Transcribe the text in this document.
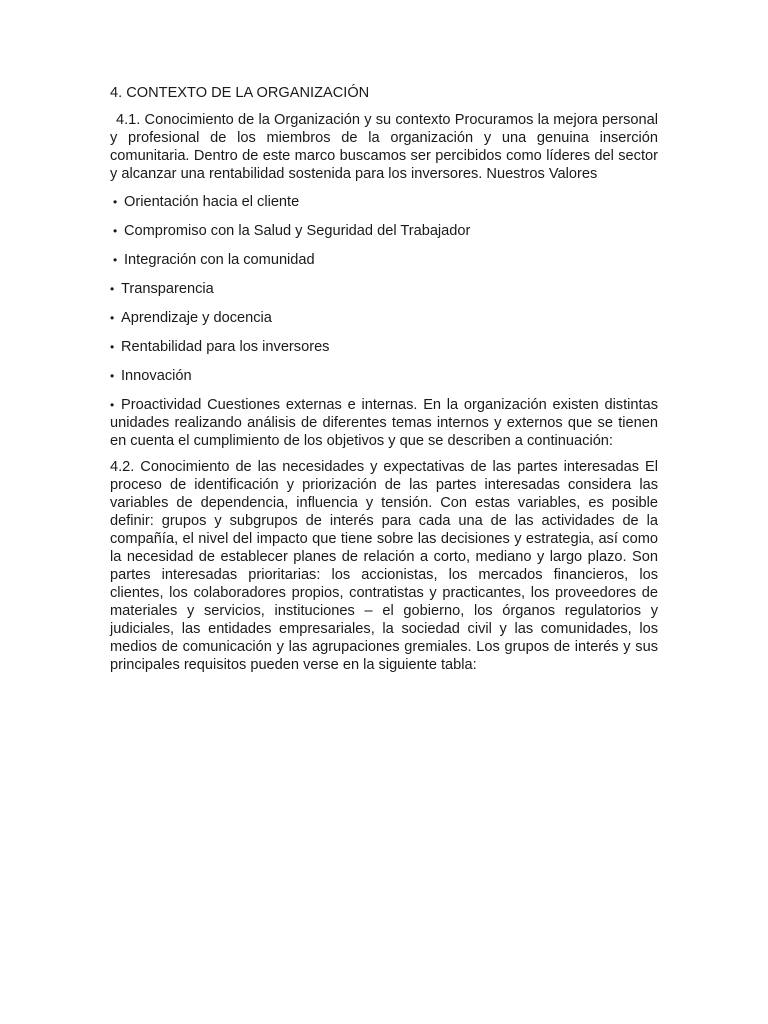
4. CONTEXTO DE LA ORGANIZACIÓN

4.1. Conocimiento de la Organización y su contexto Procuramos la mejora personal y profesional de los miembros de la organización y una genuina inserción comunitaria. Dentro de este marco buscamos ser percibidos como líderes del sector y alcanzar una rentabilidad sostenida para los inversores. Nuestros Valores

• Orientación hacia el cliente
• Compromiso con la Salud y Seguridad del Trabajador
• Integración con la comunidad
• Transparencia
• Aprendizaje y docencia
• Rentabilidad para los inversores
• Innovación

• Proactividad Cuestiones externas e internas. En la organización existen distintas unidades realizando análisis de diferentes temas internos y externos que se tienen en cuenta el cumplimiento de los objetivos y que se describen a continuación:

4.2. Conocimiento de las necesidades y expectativas de las partes interesadas El proceso de identificación y priorización de las partes interesadas considera las variables de dependencia, influencia y tensión. Con estas variables, es posible definir: grupos y subgrupos de interés para cada una de las actividades de la compañía, el nivel del impacto que tiene sobre las decisiones y estrategia, así como la necesidad de establecer planes de relación a corto, mediano y largo plazo. Son partes interesadas prioritarias: los accionistas, los mercados financieros, los clientes, los colaboradores propios, contratistas y practicantes, los proveedores de materiales y servicios, instituciones – el gobierno, los órganos regulatorios y judiciales, las entidades empresariales, la sociedad civil y las comunidades, los medios de comunicación y las agrupaciones gremiales. Los grupos de interés y sus principales requisitos pueden verse en la siguiente tabla:
